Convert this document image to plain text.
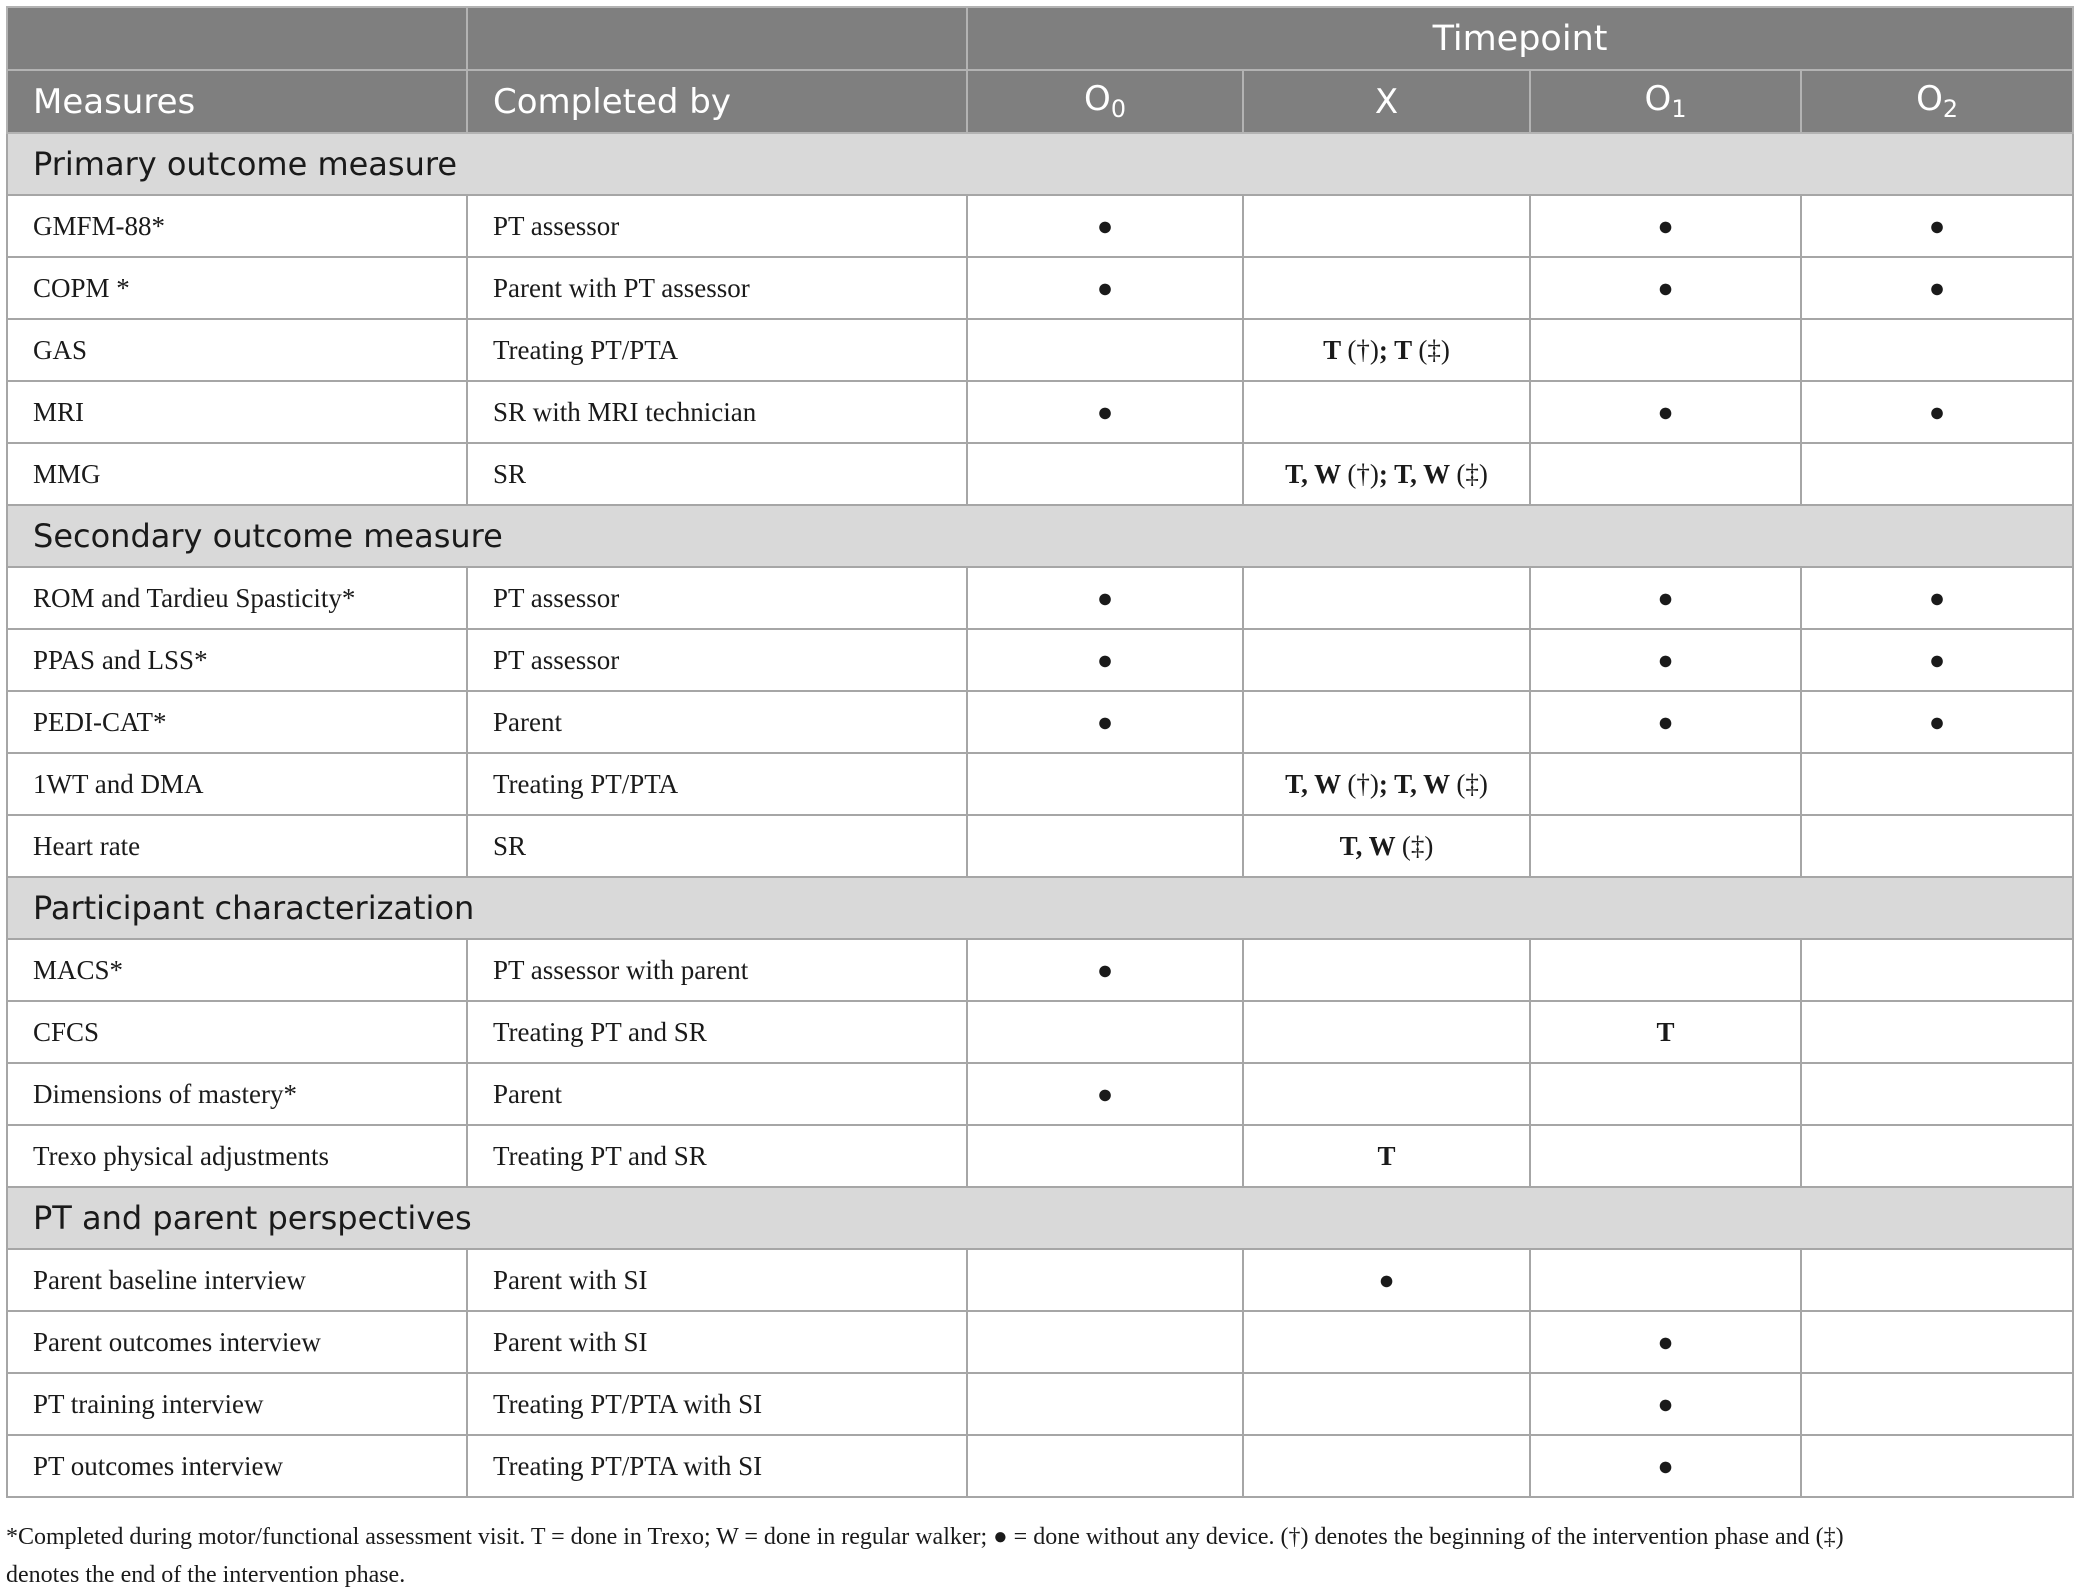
		Timepoint			
Measures	Completed by	$O_0$	X	$O_1$	$O_2$
Primary outcome measure					
GMFM-88*	PT assessor	●		●	●
COPM *	Parent with PT assessor	●		●	●
GAS	Treating PT/PTA		T (†); T (‡)		
MRI	SR with MRI technician	●		●	●
MMG	SR		T, W (†); T, W (‡)		
Secondary outcome measure					
ROM and Tardieu Spasticity*	PT assessor	●		●	●
PPAS and LSS*	PT assessor	●		●	●
PEDI-CAT*	Parent	●		●	●
1WT and DMA	Treating PT/PTA		T, W (†); T, W (‡)		
Heart rate	SR		T, W (‡)		
Participant characterization					
MACS*	PT assessor with parent	●			
CFCS	Treating PT and SR			T	
Dimensions of mastery*	Parent	●			
Trexo physical adjustments	Treating PT and SR		T		
PT and parent perspectives					
Parent baseline interview	Parent with SI		●		
Parent outcomes interview	Parent with SI			●	
PT training interview	Treating PT/PTA with SI			●	
PT outcomes interview	Treating PT/PTA with SI			●	
*Completed during motor/functional assessment visit. T = done in Trexo; W = done in regular walker; ● = done without any device. (†) denotes the beginning of the intervention phase and (‡)
denotes the end of the intervention phase.
